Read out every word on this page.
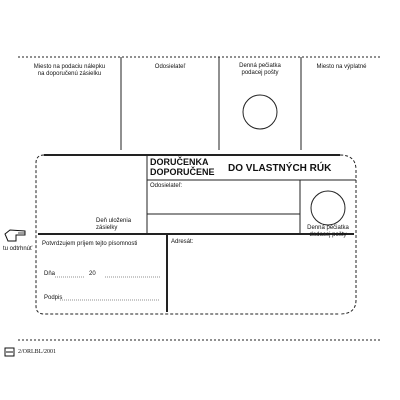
Miesto na podaciu nálepku
na doporučenú zásielku
Odosielateľ	Denná pečiatka
podacej pošty
Miesto na výplatné
DORUČENKA
DOPORUČENE DO VLASTNÝCH RÚK
Odosielateľ:
Deň uloženia
zásielky	Denná pečiatka
dodacej pošty
Potvrdzujem príjem tejto písomnosti
Dňa	20
Podpis
Adresát:
tu odtrhnúť
2/ORLBL/2001
